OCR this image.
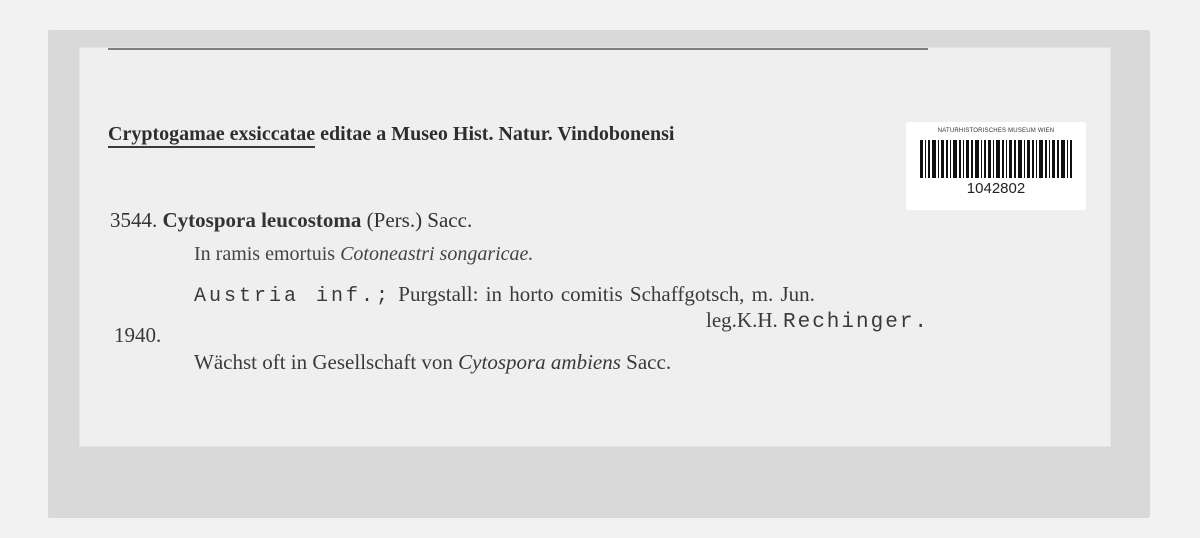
Cryptogamae exsiccatae editae a Museo Hist. Natur. Vindobonensi	NATURHISTORISCHES MUSEUM WIEN
1042802
3544. Cytospora leucostoma (Pers.) Sacc.
In ramis emortuis Cotoneastri songaricae.
Austria inf.; Purgstall: in horto comitis Schaffgotsch, m. Jun.
1940.
leg.K.H. Rechinger.
Wächst oft in Gesellschaft von Cytospora ambiens Sacc.
